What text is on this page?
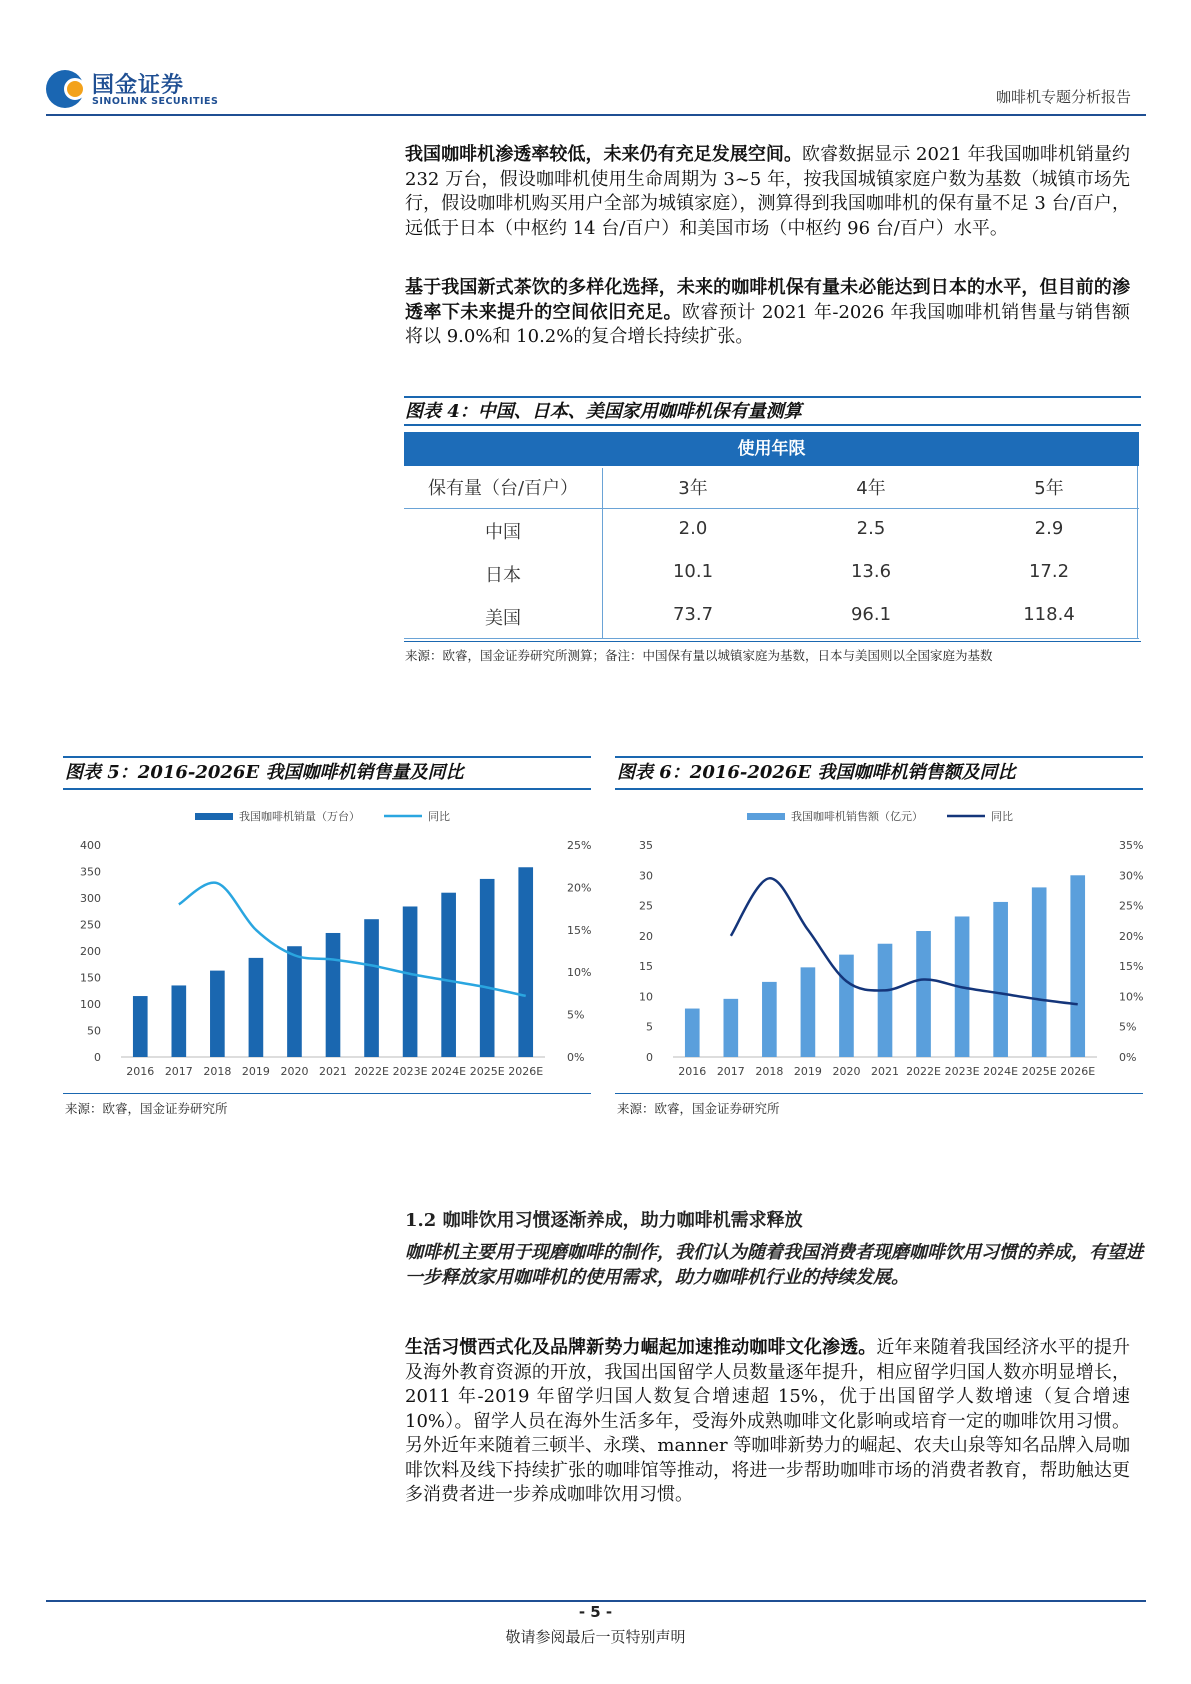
国金证券
SINOLINK SECURITIES	咖啡机专题分析报告
我国咖啡机渗透率较低，未来仍有充足发展空间。欧睿数据显示 2021 年我国咖啡机销量约 232 万台，假设咖啡机使用生命周期为 3~5 年，按我国城镇家庭户数为基数（城镇市场先行，假设咖啡机购买用户全部为城镇家庭），测算得到我国咖啡机的保有量不足 3 台/百户，远低于日本（中枢约 14 台/百户）和美国市场（中枢约 96 台/百户）水平。
基于我国新式茶饮的多样化选择，未来的咖啡机保有量未必能达到日本的水平，但目前的渗透率下未来提升的空间依旧充足。欧睿预计 2021 年-2026 年我国咖啡机销售量与销售额将以 9.0%和 10.2%的复合增长持续扩张。
图表 4：中国、日本、美国家用咖啡机保有量测算
使用年限
保有量（台/百户）	3年	4年	5年
中国	2.0	2.5	2.9
日本	10.1	13.6	17.2
美国	73.7	96.1	118.4
来源：欧睿，国金证券研究所测算；备注：中国保有量以城镇家庭为基数，日本与美国则以全国家庭为基数
图表 5：2016-2026E 我国咖啡机销售量及同比
我国咖啡机销量（万台）	同比
0
50
100
150
200
250
300
350
400
0%
5%
10%
15%
20%
25%
2016 2017 2018 2019 2020 2021 2022E 2023E 2024E 2025E 2026E
来源：欧睿，国金证券研究所
图表 6：2016-2026E 我国咖啡机销售额及同比
我国咖啡机销售额（亿元）	同比
0
5
10
15
20
25
30
35
0%
5%
10%
15%
20%
25%
30%
35%
2016 2017 2018 2019 2020 2021 2022E 2023E 2024E 2025E 2026E
来源：欧睿，国金证券研究所
1.2 咖啡饮用习惯逐渐养成，助力咖啡机需求释放
咖啡机主要用于现磨咖啡的制作，我们认为随着我国消费者现磨咖啡饮用习惯的养成，有望进一步释放家用咖啡机的使用需求，助力咖啡机行业的持续发展。
生活习惯西式化及品牌新势力崛起加速推动咖啡文化渗透。近年来随着我国经济水平的提升及海外教育资源的开放，我国出国留学人员数量逐年提升，相应留学归国人数亦明显增长，2011 年-2019 年留学归国人数复合增速超 15%，优于出国留学人数增速（复合增速 10%）。留学人员在海外生活多年，受海外成熟咖啡文化影响或培育一定的咖啡饮用习惯。另外近年来随着三顿半、永璞、manner 等咖啡新势力的崛起、农夫山泉等知名品牌入局咖啡饮料及线下持续扩张的咖啡馆等推动，将进一步帮助咖啡市场的消费者教育，帮助触达更多消费者进一步养成咖啡饮用习惯。
- 5 -
敬请参阅最后一页特别声明
